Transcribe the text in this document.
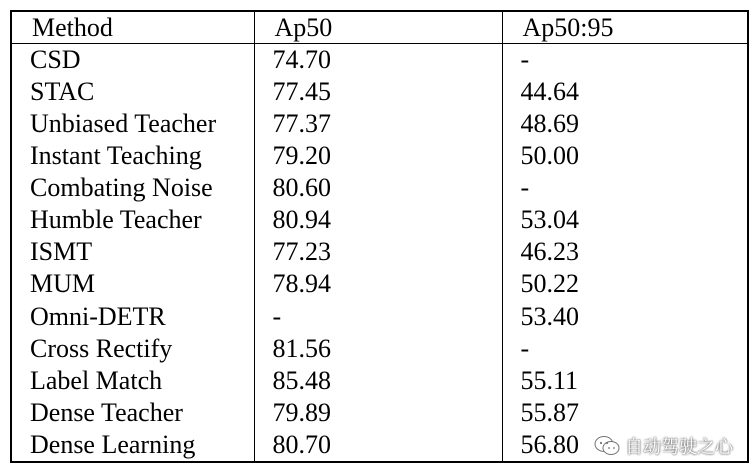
Method	Ap50	Ap50:95
CSD	74.70	-
STAC	77.45	44.64
Unbiased Teacher	77.37	48.69
Instant Teaching	79.20	50.00
Combating Noise	80.60	-
Humble Teacher	80.94	53.04
ISMT	77.23	46.23
MUM	78.94	50.22
Omni-DETR	-	53.40
Cross Rectify	81.56	-
Label Match	85.48	55.11
Dense Teacher	79.89	55.87
Dense Learning	80.70	56.80	自动驾驶之心
